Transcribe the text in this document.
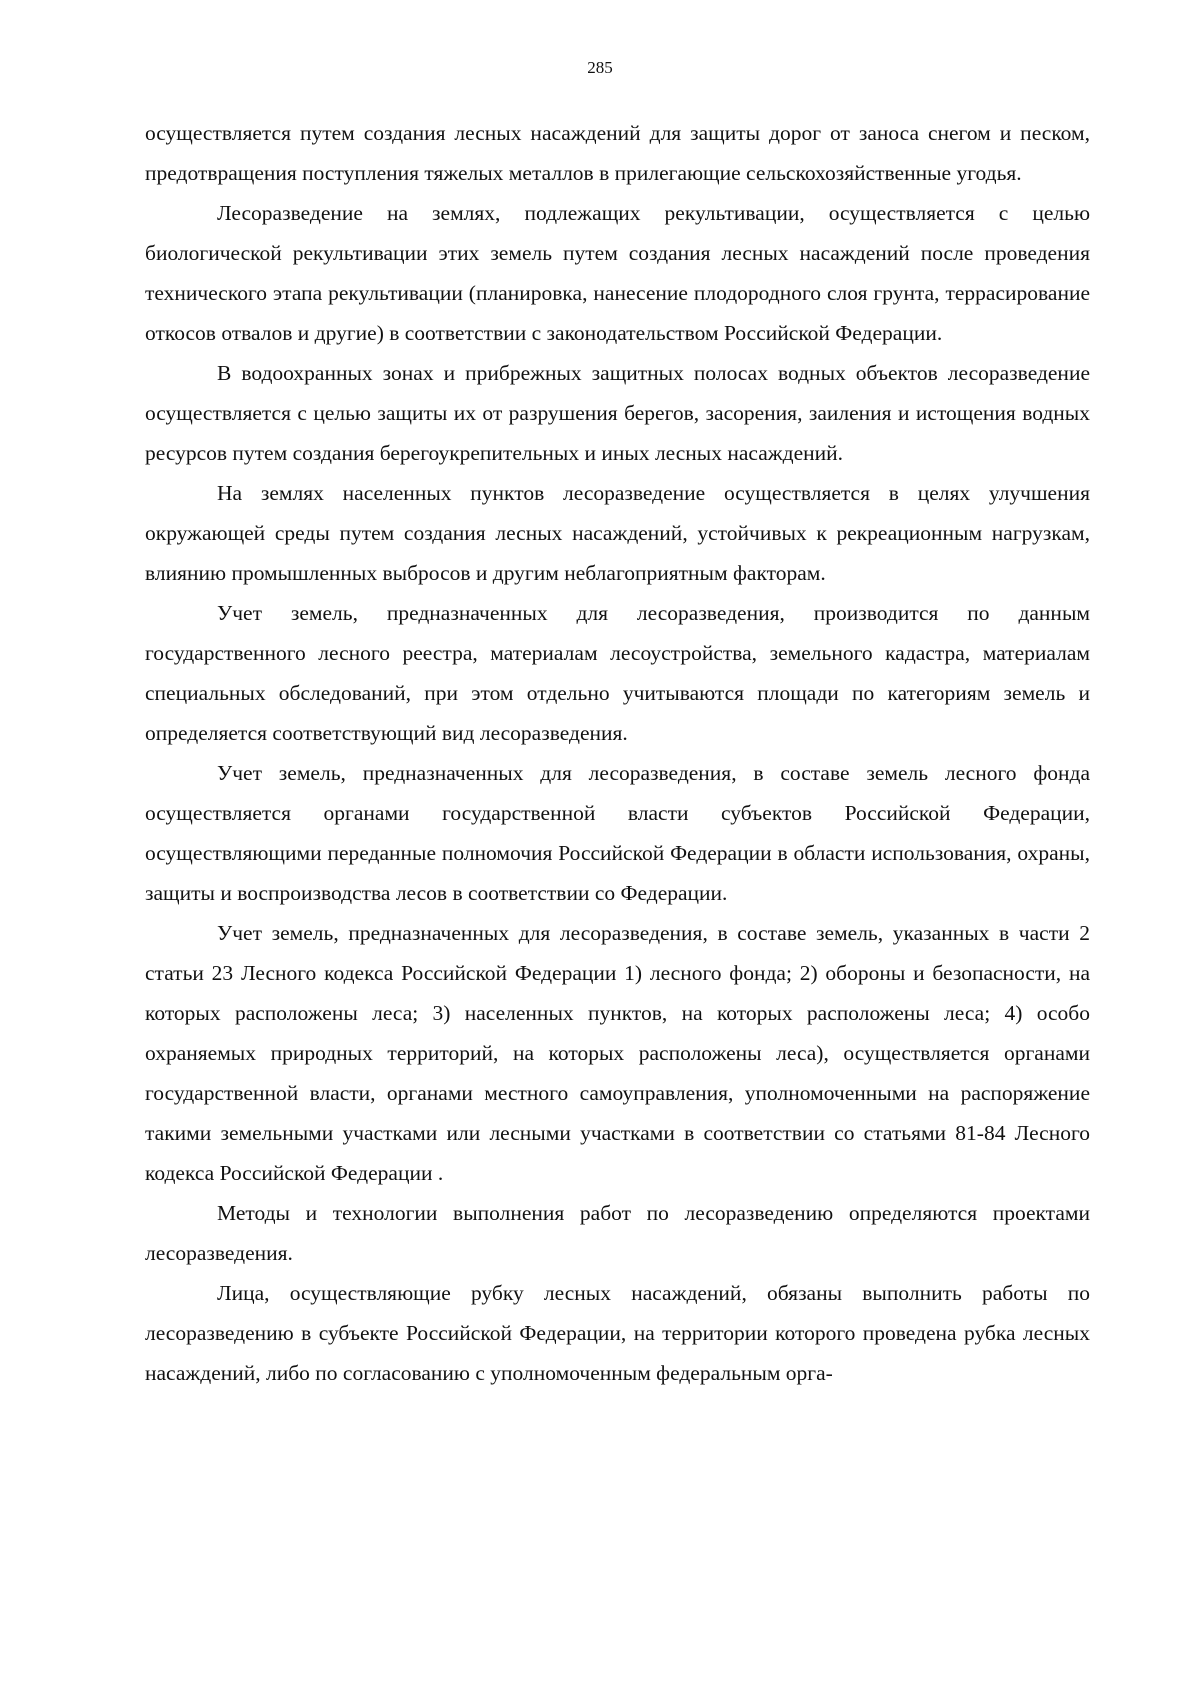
285

осуществляется путем создания лесных насаждений для защиты дорог от заноса снегом и песком, предотвращения поступления тяжелых металлов в прилегающие сельскохозяйственные угодья.

Лесоразведение на землях, подлежащих рекультивации, осуществляется с целью биологической рекультивации этих земель путем создания лесных насаждений после проведения технического этапа рекультивации (планировка, нанесение плодородного слоя грунта, террасирование откосов отвалов и другие) в соответствии с законодательством Российской Федерации.

В водоохранных зонах и прибрежных защитных полосах водных объектов лесоразведение осуществляется с целью защиты их от разрушения берегов, засорения, заиления и истощения водных ресурсов путем создания берегоукрепительных и иных лесных насаждений.

На землях населенных пунктов лесоразведение осуществляется в целях улучшения окружающей среды путем создания лесных насаждений, устойчивых к рекреационным нагрузкам, влиянию промышленных выбросов и другим неблагоприятным факторам.

Учет земель, предназначенных для лесоразведения, производится по данным государственного лесного реестра, материалам лесоустройства, земельного кадастра, материалам специальных обследований, при этом отдельно учитываются площади по категориям земель и определяется соответствующий вид лесоразведения.

Учет земель, предназначенных для лесоразведения, в составе земель лесного фонда осуществляется органами государственной власти субъектов Российской Федерации, осуществляющими переданные полномочия Российской Федерации в области использования, охраны, защиты и воспроизводства лесов в соответствии со Федерации.

Учет земель, предназначенных для лесоразведения, в составе земель, указанных в части 2 статьи 23 Лесного кодекса Российской Федерации 1) лесного фонда; 2) обороны и безопасности, на которых расположены леса; 3) населенных пунктов, на которых расположены леса; 4) особо охраняемых природных территорий, на которых расположены леса), осуществляется органами государственной власти, органами местного самоуправления, уполномоченными на распоряжение такими земельными участками или лесными участками в соответствии со статьями 81-84 Лесного кодекса Российской Федерации .

Методы и технологии выполнения работ по лесоразведению определяются проектами лесоразведения.

Лица, осуществляющие рубку лесных насаждений, обязаны выполнить работы по лесоразведению в субъекте Российской Федерации, на территории которого проведена рубка лесных насаждений, либо по согласованию с уполномоченным федеральным орга-
